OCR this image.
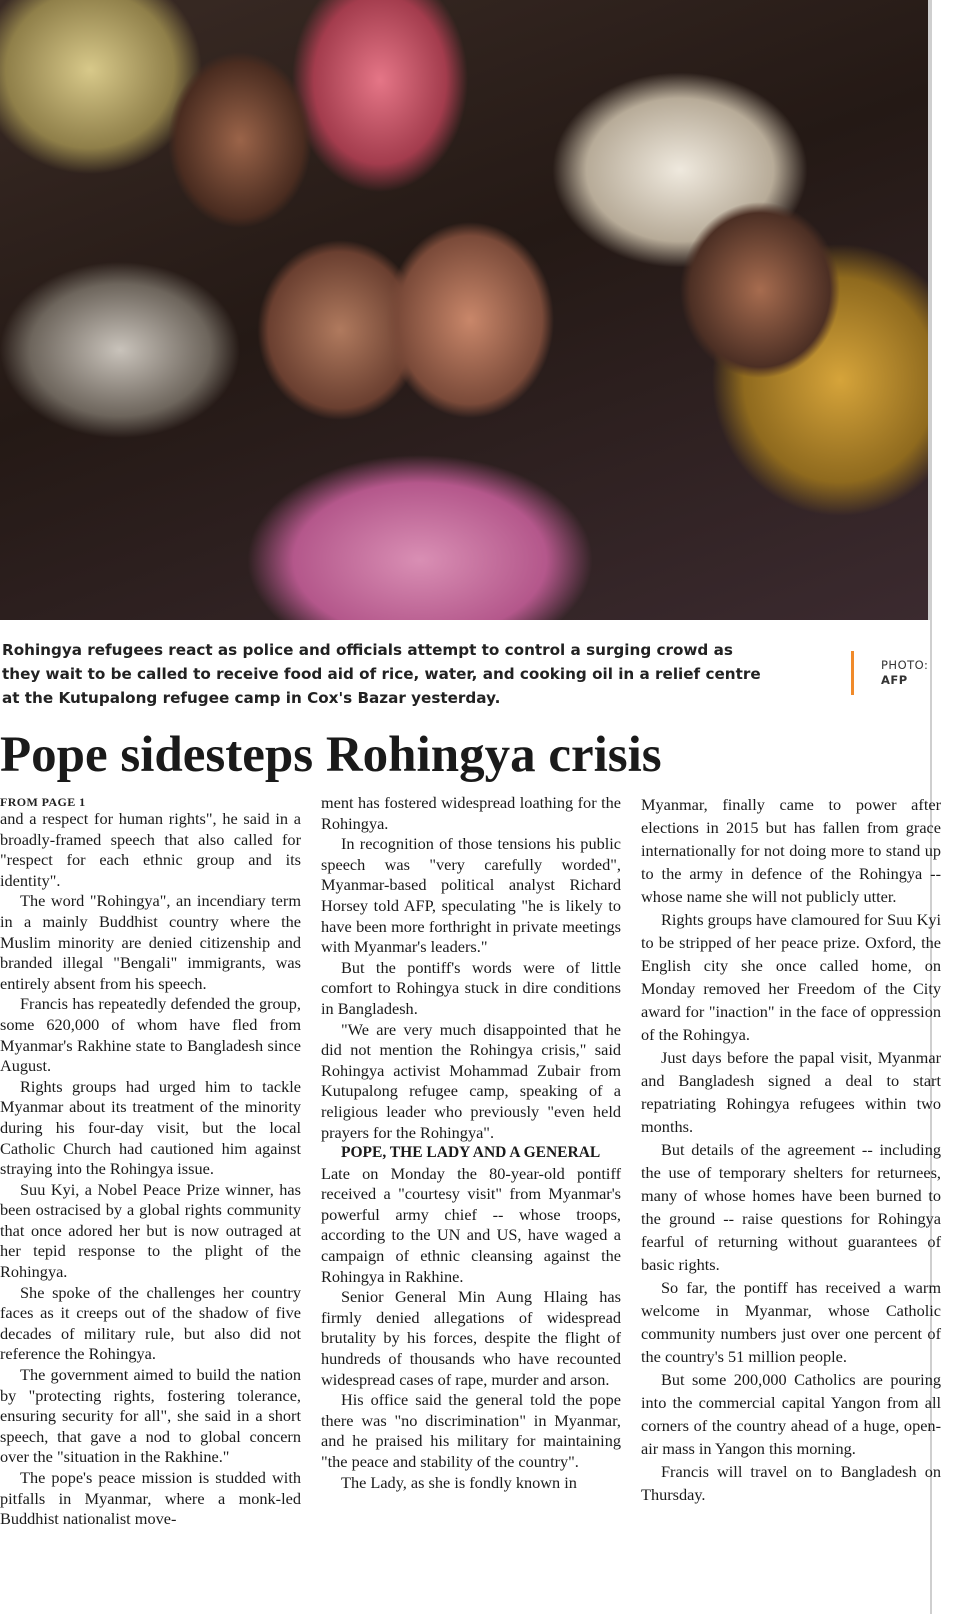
Rohingya refugees react as police and officials attempt to control a surging crowd as they wait to be called to receive food aid of rice, water, and cooking oil in a relief centre at the Kutupalong refugee camp in Cox's Bazar yesterday.

PHOTO:
AFP
Pope sidesteps Rohingya crisis
FROM PAGE 1

and a respect for human rights", he said in a broadly-framed speech that also called for "respect for each ethnic group and its identity".

The word "Rohingya", an incendiary term in a mainly Buddhist country where the Muslim minority are denied citizenship and branded illegal "Bengali" immigrants, was entirely absent from his speech.

Francis has repeatedly defended the group, some 620,000 of whom have fled from Myanmar's Rakhine state to Bangladesh since August.

Rights groups had urged him to tackle Myanmar about its treatment of the minority during his four-day visit, but the local Catholic Church had cautioned him against straying into the Rohingya issue.

Suu Kyi, a Nobel Peace Prize winner, has been ostracised by a global rights community that once adored her but is now outraged at her tepid response to the plight of the Rohingya.

She spoke of the challenges her country faces as it creeps out of the shadow of five decades of military rule, but also did not reference the Rohingya.

The government aimed to build the nation by "protecting rights, fostering tolerance, ensuring security for all", she said in a short speech, that gave a nod to global concern over the "situation in the Rakhine."

The pope's peace mission is studded with pitfalls in Myanmar, where a monk-led Buddhist nationalist move-

ment has fostered widespread loathing for the Rohingya.

In recognition of those tensions his public speech was "very carefully worded", Myanmar-based political analyst Richard Horsey told AFP, speculating "he is likely to have been more forthright in private meetings with Myanmar's leaders."

But the pontiff's words were of little comfort to Rohingya stuck in dire conditions in Bangladesh.

"We are very much disappointed that he did not mention the Rohingya crisis," said Rohingya activist Mohammad Zubair from Kutupalong refugee camp, speaking of a religious leader who previously "even held prayers for the Rohingya".

POPE, THE LADY AND A GENERAL

Late on Monday the 80-year-old pontiff received a "courtesy visit" from Myanmar's powerful army chief -- whose troops, according to the UN and US, have waged a campaign of ethnic cleansing against the Rohingya in Rakhine.

Senior General Min Aung Hlaing has firmly denied allegations of widespread brutality by his forces, despite the flight of hundreds of thousands who have recounted widespread cases of rape, murder and arson.

His office said the general told the pope there was "no discrimination" in Myanmar, and he praised his military for maintaining "the peace and stability of the country".

The Lady, as she is fondly known in

Myanmar, finally came to power after elections in 2015 but has fallen from grace internationally for not doing more to stand up to the army in defence of the Rohingya -- whose name she will not publicly utter.

Rights groups have clamoured for Suu Kyi to be stripped of her peace prize. Oxford, the English city she once called home, on Monday removed her Freedom of the City award for "inaction" in the face of oppression of the Rohingya.

Just days before the papal visit, Myanmar and Bangladesh signed a deal to start repatriating Rohingya refugees within two months.

But details of the agreement -- including the use of temporary shelters for returnees, many of whose homes have been burned to the ground -- raise questions for Rohingya fearful of returning without guarantees of basic rights.

So far, the pontiff has received a warm welcome in Myanmar, whose Catholic community numbers just over one percent of the country's 51 million people.

But some 200,000 Catholics are pouring into the commercial capital Yangon from all corners of the country ahead of a huge, open-air mass in Yangon this morning.

Francis will travel on to Bangladesh on Thursday.
